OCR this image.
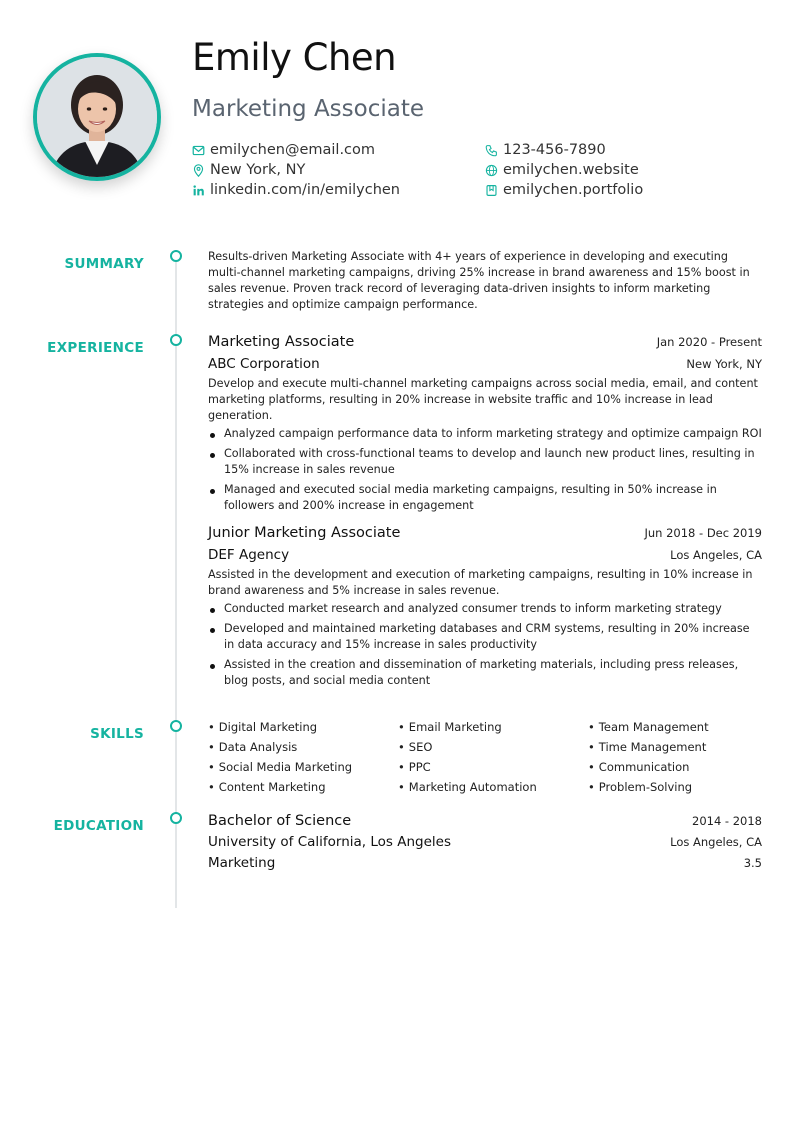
Emily Chen
Marketing Associate
emilychen@email.com	123-456-7890
New York, NY	emilychen.website
linkedin.com/in/emilychen	emilychen.portfolio
SUMMARY
EXPERIENCE
SKILLS
EDUCATION
Results-driven Marketing Associate with 4+ years of experience in developing and executing multi-channel marketing campaigns, driving 25% increase in brand awareness and 15% boost in sales revenue. Proven track record of leveraging data-driven insights to inform marketing strategies and optimize campaign performance.
Marketing Associate	Jan 2020 - Present
ABC Corporation	New York, NY
Develop and execute multi-channel marketing campaigns across social media, email, and content marketing platforms, resulting in 20% increase in website traffic and 10% increase in lead generation.
Analyzed campaign performance data to inform marketing strategy and optimize campaign ROI
Collaborated with cross-functional teams to develop and launch new product lines, resulting in 15% increase in sales revenue
Managed and executed social media marketing campaigns, resulting in 50% increase in followers and 200% increase in engagement
Junior Marketing Associate	Jun 2018 - Dec 2019
DEF Agency	Los Angeles, CA
Assisted in the development and execution of marketing campaigns, resulting in 10% increase in brand awareness and 5% increase in sales revenue.
Conducted market research and analyzed consumer trends to inform marketing strategy
Developed and maintained marketing databases and CRM systems, resulting in 20% increase in data accuracy and 15% increase in sales productivity
Assisted in the creation and dissemination of marketing materials, including press releases, blog posts, and social media content
• Digital Marketing	• Email Marketing	• Team Management
• Data Analysis	• SEO	• Time Management
• Social Media Marketing	• PPC	• Communication
• Content Marketing	• Marketing Automation	• Problem-Solving
Bachelor of Science	2014 - 2018
University of California, Los Angeles	Los Angeles, CA
Marketing	3.5
